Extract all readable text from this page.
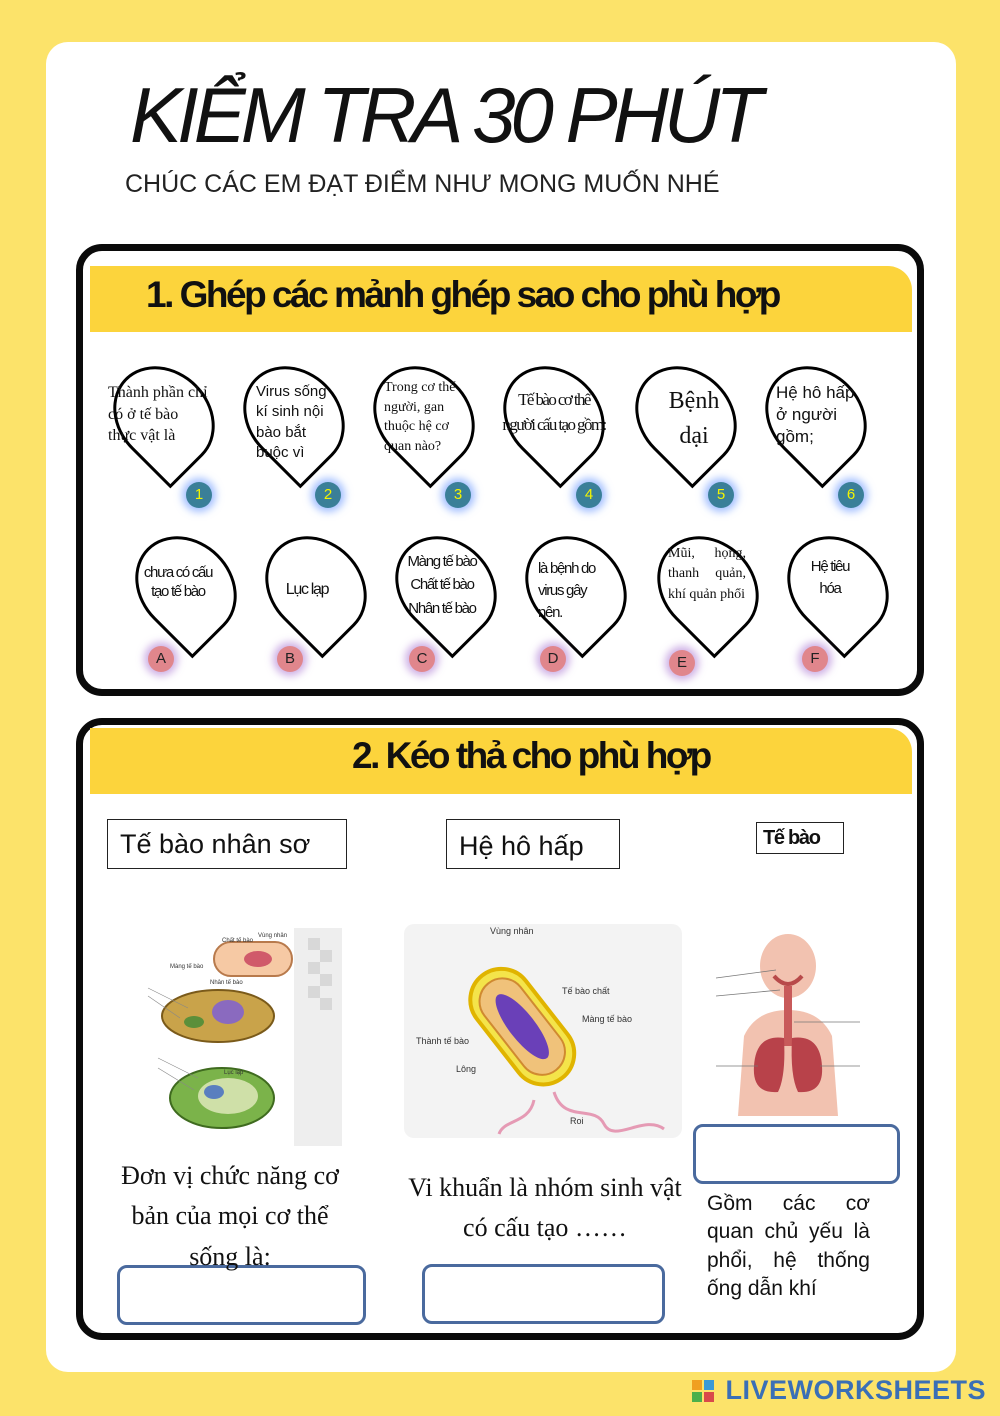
KIỂM TRA 30 PHÚT
CHÚC CÁC EM ĐẠT ĐIỂM NHƯ MONG MUỐN NHÉ
1. Ghép các mảnh ghép sao cho phù hợp
Thành phần chỉ có ở tế bào thực vật là
1
Virus sống kí sinh nội bào bắt buộc vì
2
Trong cơ thể người, gan thuộc hệ cơ quan nào?
3
Tế bào cơ thể người cấu tạo gồm:
4
Bệnh dại
5
Hệ hô hấp ở người gồm;
6
chưa có cấu tạo tế bào
A
Lục lạp
B
Màng tế bào Chất tế bào Nhân tế bào
C
là bệnh do virus gây nên.
D
Mũi, họng, thanh quản, khí quản phổi
E
Hệ tiêu hóa
F
2. Kéo thả cho phù hợp
Tế bào nhân sơ	Hệ hô hấp	Tế bào
Vùng nhân
Chất tế bào
Màng tế bào
Nhân tế bào
Lục lạp
Vùng nhân
Tế bào chất
Màng tế bào
Thành tế bào
Lông
Roi
Đơn vị chức năng cơ bản của mọi cơ thể sống là:
Vi khuẩn là nhóm sinh vật có cấu tạo ……
Gồm các cơ quan chủ yếu là phổi, hệ thống ống dẫn khí
LIVEWORKSHEETS
